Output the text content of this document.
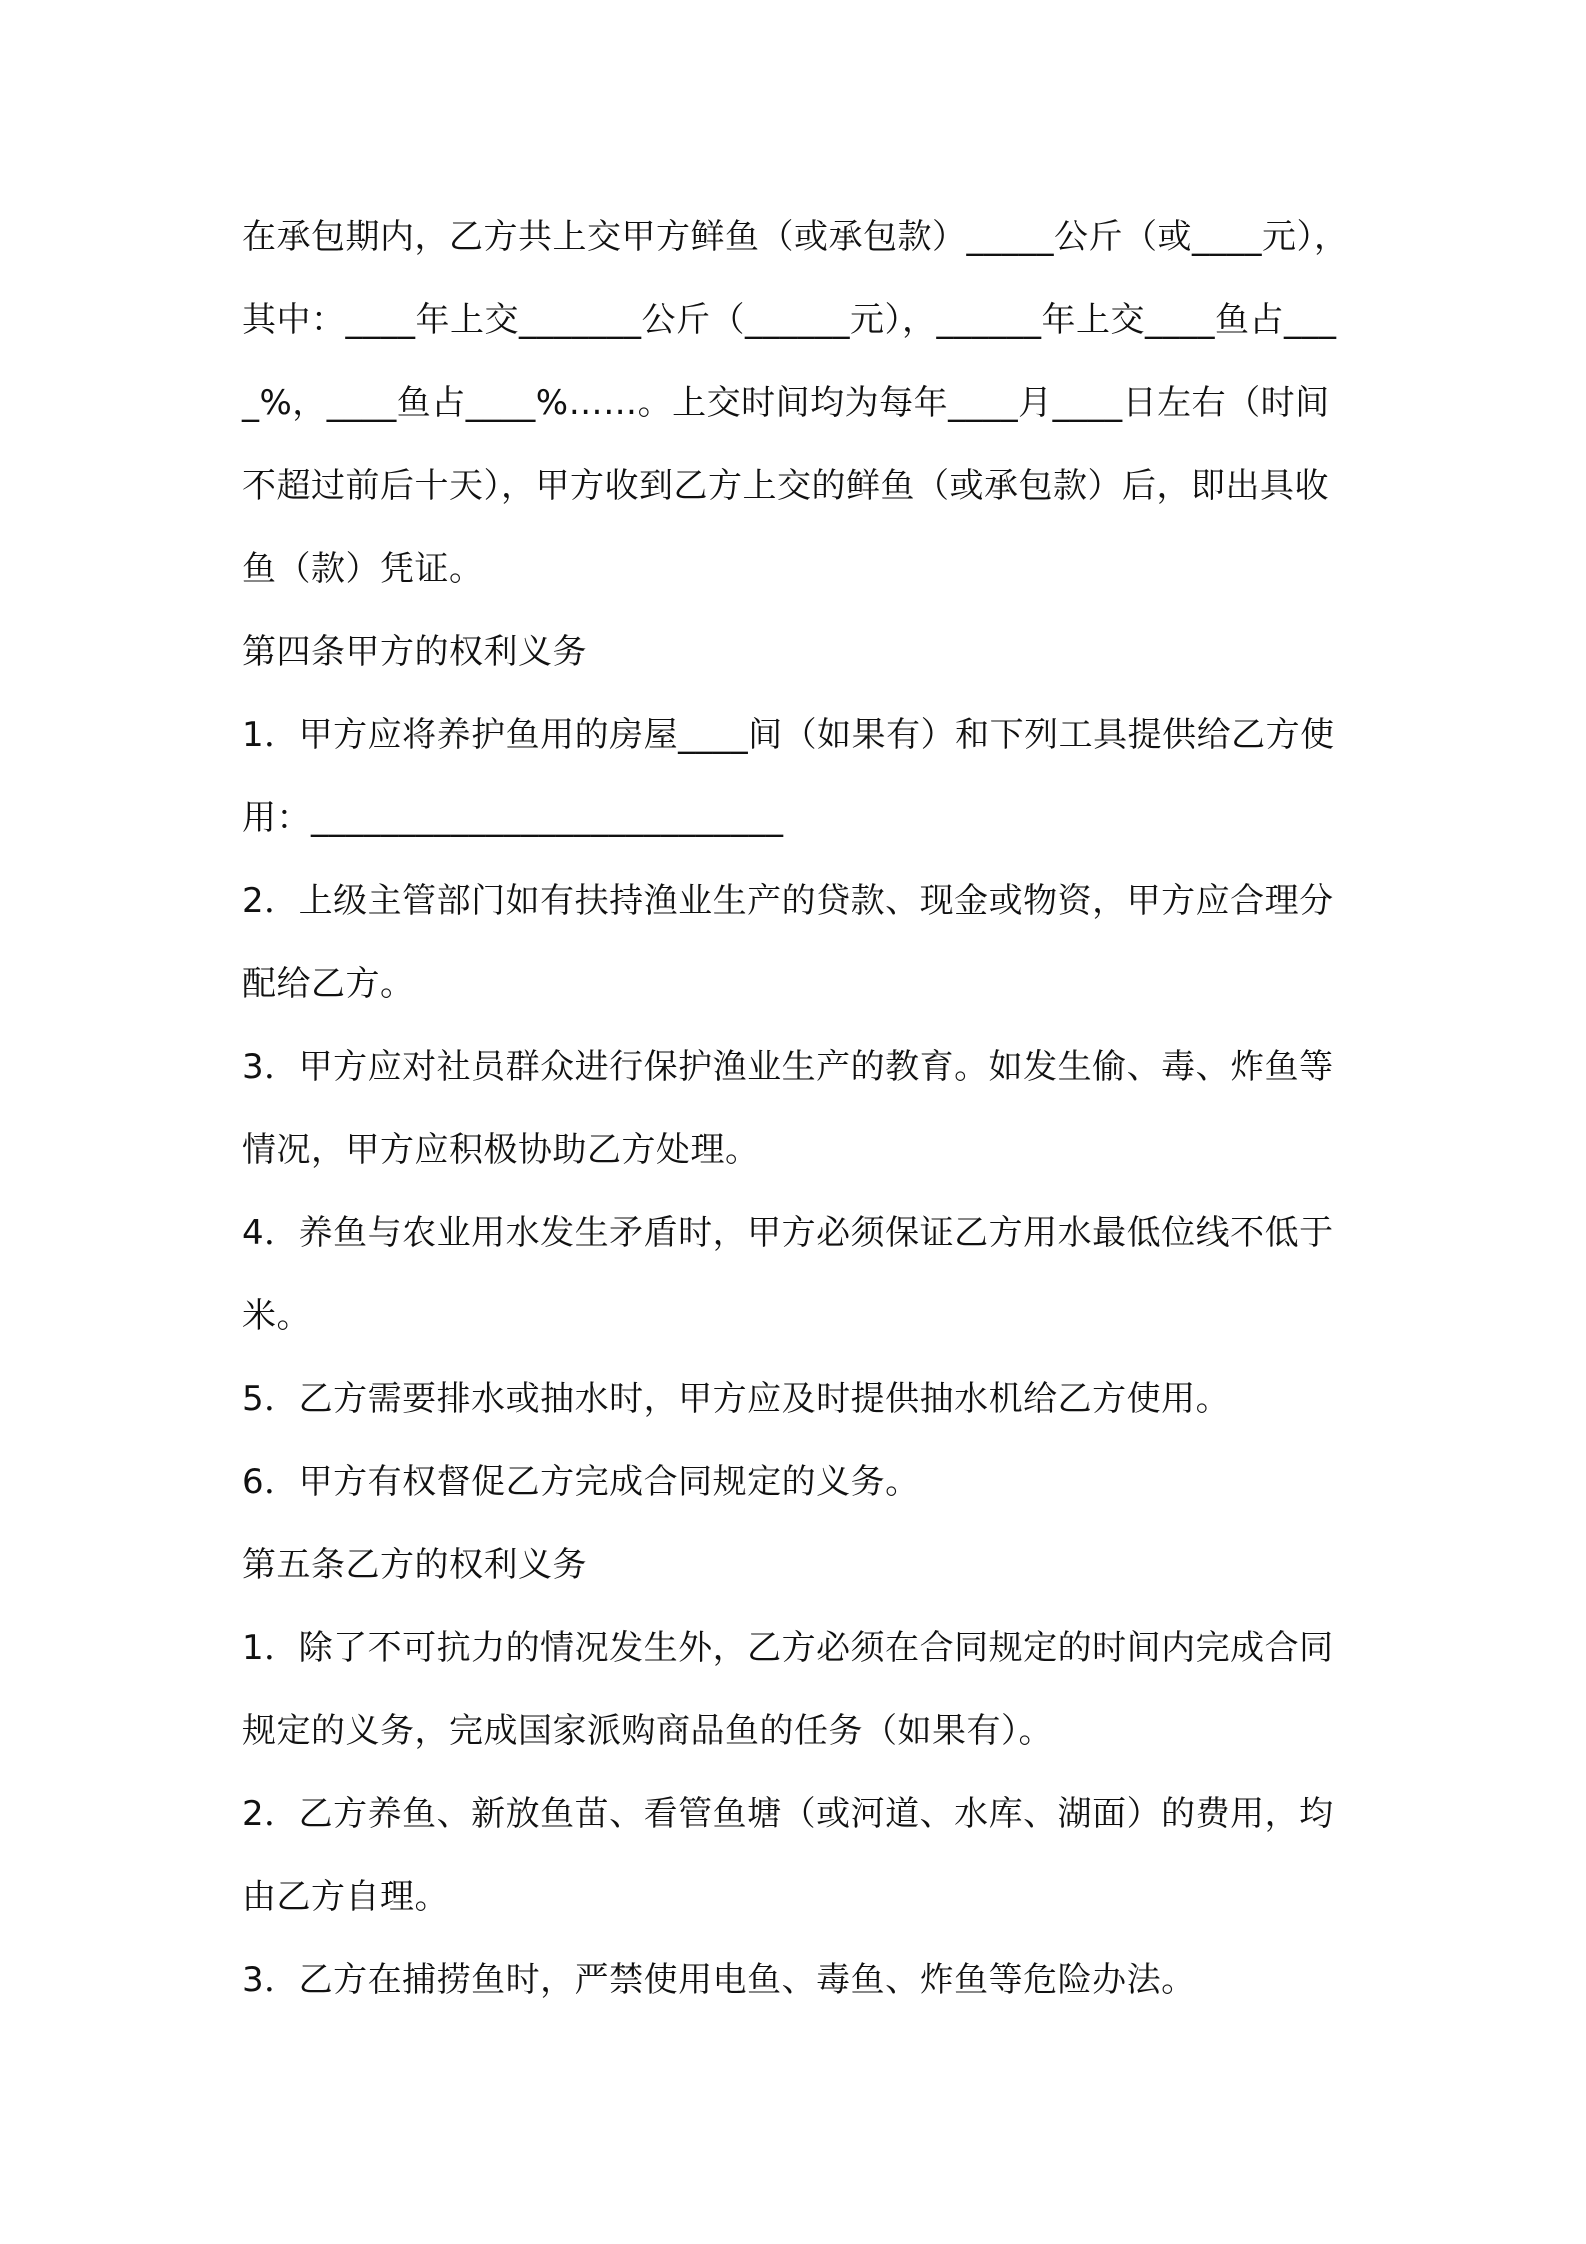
在承包期内，乙方共上交甲方鲜鱼（或承包款）_____公斤（或____元），其中：____年上交_______公斤（______元），______年上交____鱼占____%，____鱼占____%……。上交时间均为每年____月____日左右（时间不超过前后十天），甲方收到乙方上交的鲜鱼（或承包款）后，即出具收鱼（款）凭证。

第四条甲方的权利义务

1．甲方应将养护鱼用的房屋____间（如果有）和下列工具提供给乙方使用：___________________________

2．上级主管部门如有扶持渔业生产的贷款、现金或物资，甲方应合理分配给乙方。

3．甲方应对社员群众进行保护渔业生产的教育。如发生偷、毒、炸鱼等情况，甲方应积极协助乙方处理。

4．养鱼与农业用水发生矛盾时，甲方必须保证乙方用水最低位线不低于米。

5．乙方需要排水或抽水时，甲方应及时提供抽水机给乙方使用。

6．甲方有权督促乙方完成合同规定的义务。

第五条乙方的权利义务

1．除了不可抗力的情况发生外，乙方必须在合同规定的时间内完成合同规定的义务，完成国家派购商品鱼的任务（如果有）。

2．乙方养鱼、新放鱼苗、看管鱼塘（或河道、水库、湖面）的费用，均由乙方自理。

3．乙方在捕捞鱼时，严禁使用电鱼、毒鱼、炸鱼等危险办法。
